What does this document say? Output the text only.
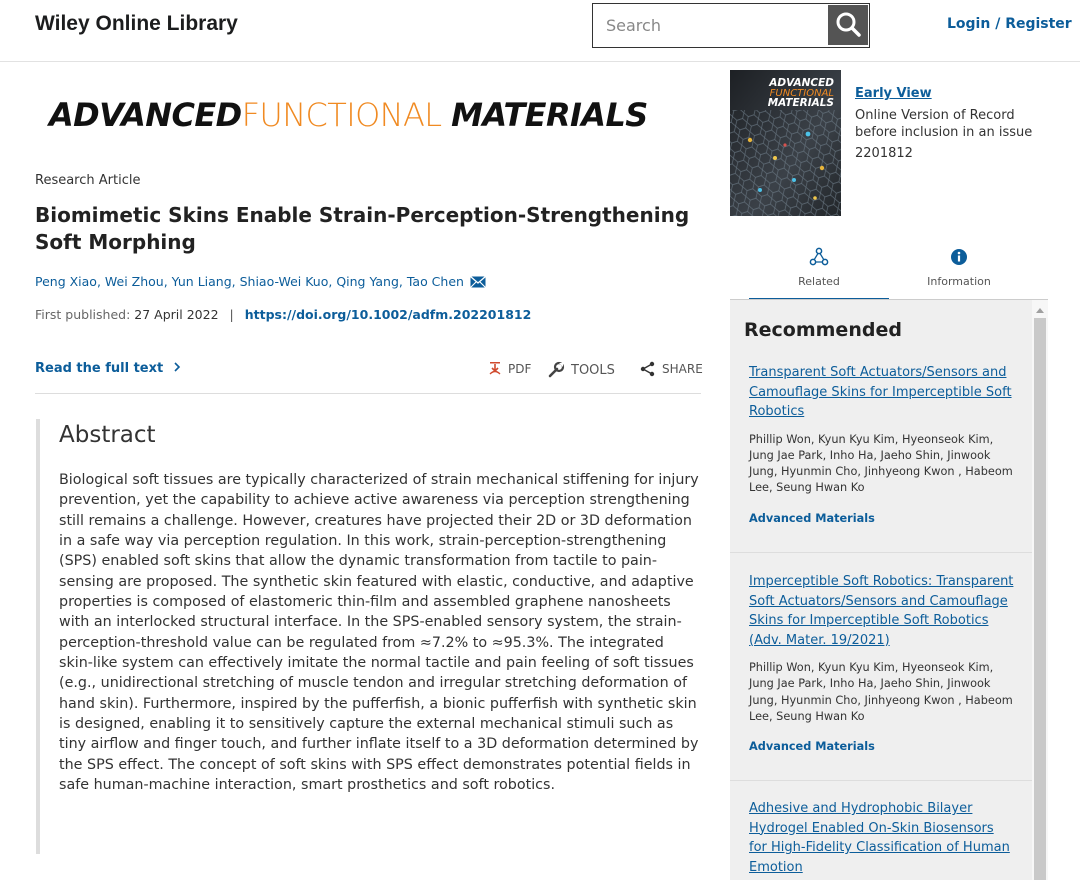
Wiley Online Library
Search	Login / Register
ADVANCEDFUNCTIONAL MATERIALS
Research Article
Biomimetic Skins Enable Strain-Perception-Strengthening Soft Morphing
Peng Xiao, Wei Zhou, Yun Liang, Shiao-Wei Kuo, Qing Yang, Tao Chen
First published: 27 April 2022 | https://doi.org/10.1002/adfm.202201812
Read the full text	PDF	TOOLS	SHARE
Abstract

Biological soft tissues are typically characterized of strain mechanical stiffening for injury prevention, yet the capability to achieve active awareness via perception strengthening still remains a challenge. However, creatures have projected their 2D or 3D deformation in a safe way via perception regulation. In this work, strain-perception-strengthening (SPS) enabled soft skins that allow the dynamic transformation from tactile to pain-sensing are proposed. The synthetic skin featured with elastic, conductive, and adaptive properties is composed of elastomeric thin-film and assembled graphene nanosheets with an interlocked structural interface. In the SPS-enabled sensory system, the strain-perception-threshold value can be regulated from ≈7.2% to ≈95.3%. The integrated skin-like system can effectively imitate the normal tactile and pain feeling of soft tissues (e.g., unidirectional stretching of muscle tendon and irregular stretching deformation of hand skin). Furthermore, inspired by the pufferfish, a bionic pufferfish with synthetic skin is designed, enabling it to sensitively capture the external mechanical stimuli such as tiny airflow and finger touch, and further inflate itself to a 3D deformation determined by the SPS effect. The concept of soft skins with SPS effect demonstrates potential fields in safe human-machine interaction, smart prosthetics and soft robotics.

ADVANCED
FUNCTIONAL
MATERIALS
Early View
Online Version of Record before inclusion in an issue
2201812
Related	Information
Recommended
Transparent Soft Actuators/Sensors and Camouflage Skins for Imperceptible Soft Robotics
Phillip Won, Kyun Kyu Kim, Hyeonseok Kim, Jung Jae Park, Inho Ha, Jaeho Shin, Jinwook Jung, Hyunmin Cho, Jinhyeong Kwon , Habeom Lee, Seung Hwan Ko
Advanced Materials
Imperceptible Soft Robotics: Transparent Soft Actuators/Sensors and Camouflage Skins for Imperceptible Soft Robotics (Adv. Mater. 19/2021)
Phillip Won, Kyun Kyu Kim, Hyeonseok Kim, Jung Jae Park, Inho Ha, Jaeho Shin, Jinwook Jung, Hyunmin Cho, Jinhyeong Kwon , Habeom Lee, Seung Hwan Ko
Advanced Materials
Adhesive and Hydrophobic Bilayer Hydrogel Enabled On-Skin Biosensors for High-Fidelity Classification of Human Emotion
